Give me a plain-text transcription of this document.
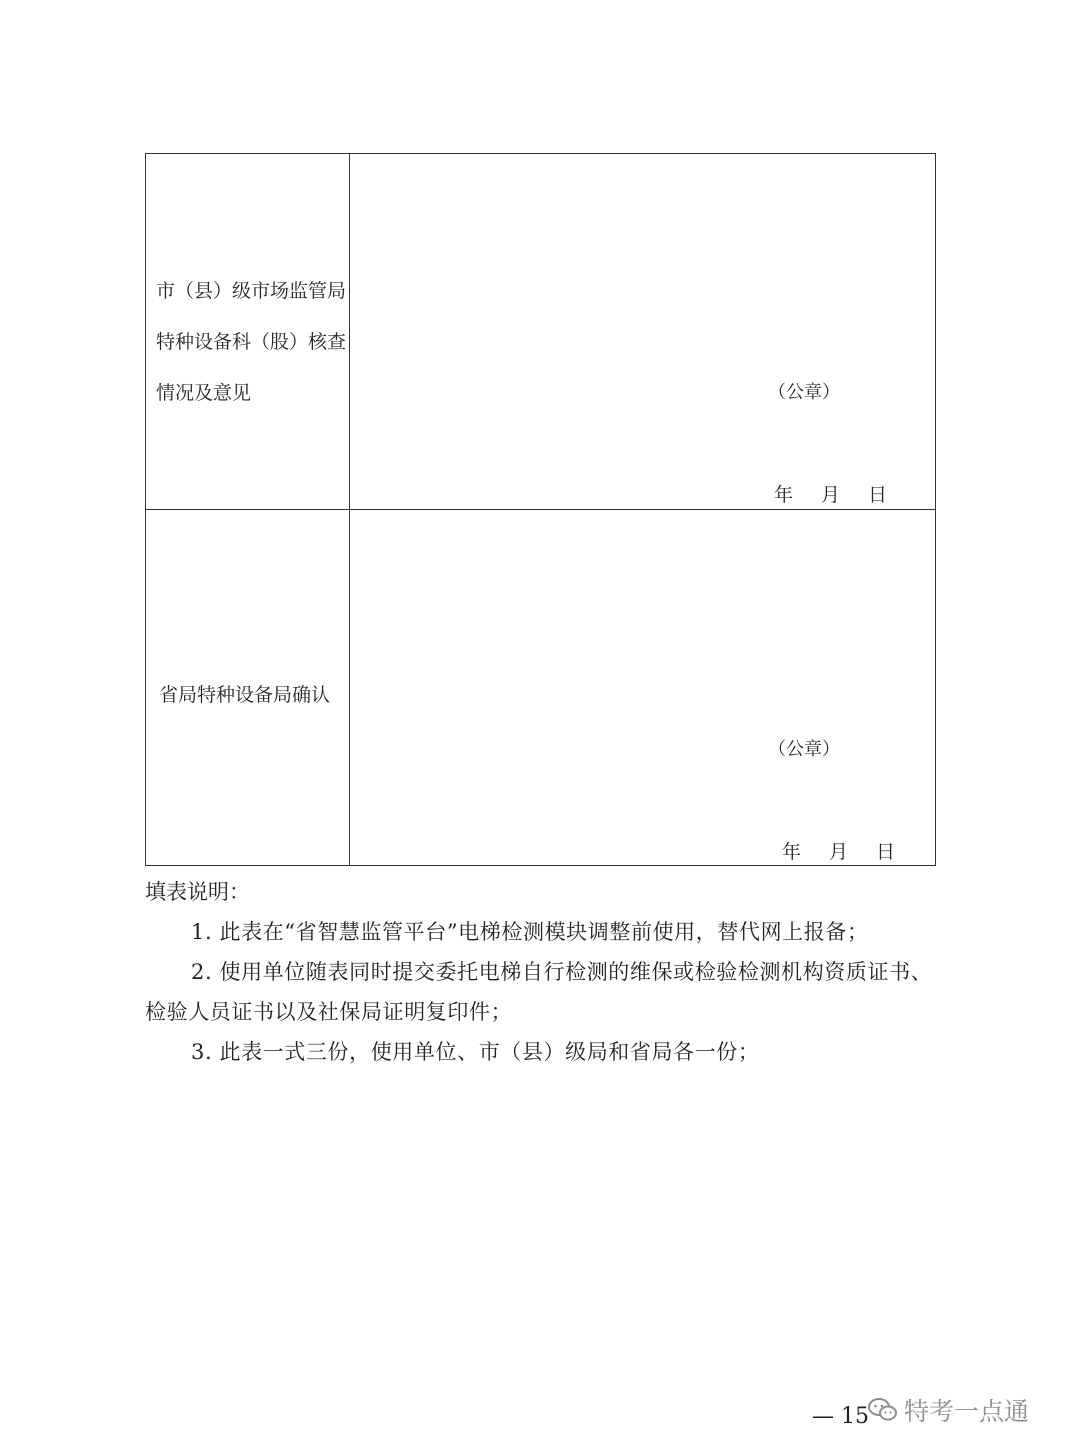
市（县）级市场监管局
特种设备科（股）核查
情况及意见	（公章）
年 月 日
省局特种设备局确认
（公章）
年 月 日

填表说明：

1. 此表在“省智慧监管平台”电梯检测模块调整前使用，替代网上报备；

2. 使用单位随表同时提交委托电梯自行检测的维保或检验检测机构资质证书、检验人员证书以及社保局证明复印件；

3. 此表一式三份，使用单位、市（县）级局和省局各一份；

— 15 特考一点通
